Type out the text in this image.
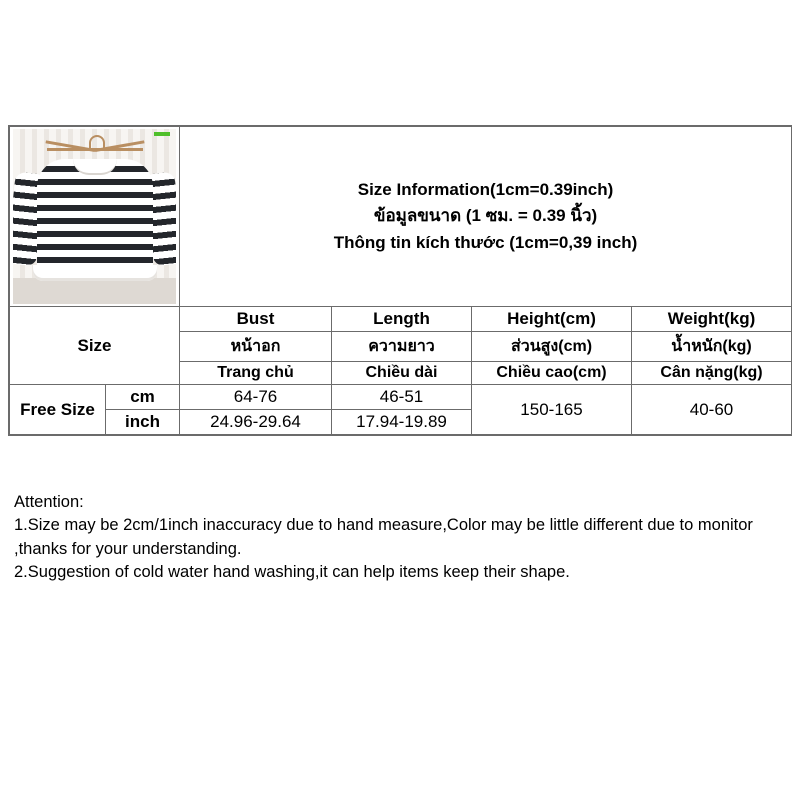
		Size Information(1cm=0.39inch)
ข้อมูลขนาด (1 ซม. = 0.39 นิ้ว)
Thông tin kích thước (1cm=0,39 inch)			

Size		Bust	Length	Height(cm)	Weight(kg)
		หน้าอก	ความยาว	ส่วนสูง(cm)	น้ำหนัก(kg)
		Trang chủ	Chiều dài	Chiều cao(cm)	Cân nặng(kg)
Free Size	cm	64-76	46-51	150-165	40-60
	inch	24.96-29.64	17.94-19.89		

Attention:

1.Size may be 2cm/1inch inaccuracy due to hand measure,Color may be little different due to monitor ,thanks for your understanding.

2.Suggestion of cold water hand washing,it can help items keep their shape.
